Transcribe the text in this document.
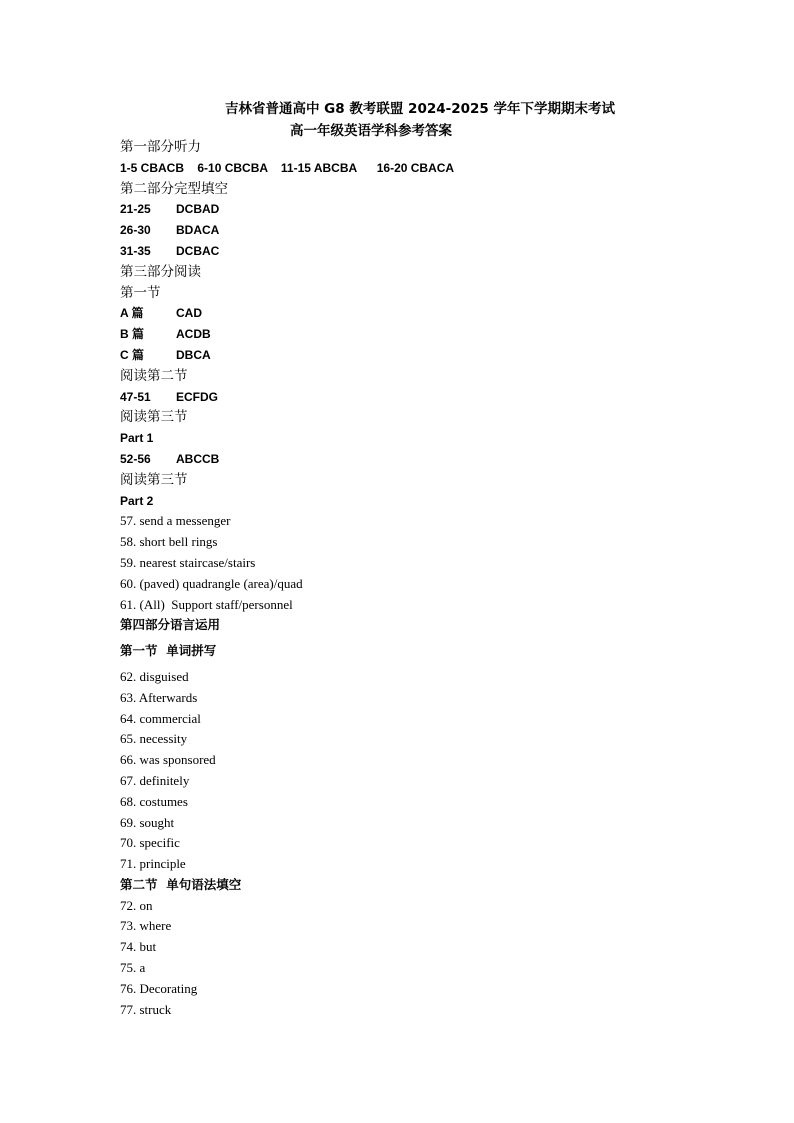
吉林省普通高中 G8 教考联盟 2024-2025 学年下学期期末考试
高一年级英语学科参考答案
第一部分听力
1-5 CBACB    6-10 CBCBA    11-15 ABCBA      16-20 CBACA
第二部分完型填空
21-25 DCBAD
26-30 BDACA
31-35 DCBAC
第三部分阅读
第一节
A 篇	CAD
B 篇	ACDB
C 篇	DBCA
阅读第二节
47-51 ECFDG
阅读第三节
Part 1
52-56 ABCCB
阅读第三节
Part 2
57. send a messenger
58. short bell rings
59. nearest staircase/stairs
60. (paved) quadrangle (area)/quad
61. (All)  Support staff/personnel
第四部分语言运用
第一节  单词拼写
62. disguised
63. Afterwards
64. commercial
65. necessity
66. was sponsored
67. definitely
68. costumes
69. sought
70. specific
71. principle
第二节  单句语法填空
72. on
73. where
74. but
75. a
76. Decorating
77. struck
